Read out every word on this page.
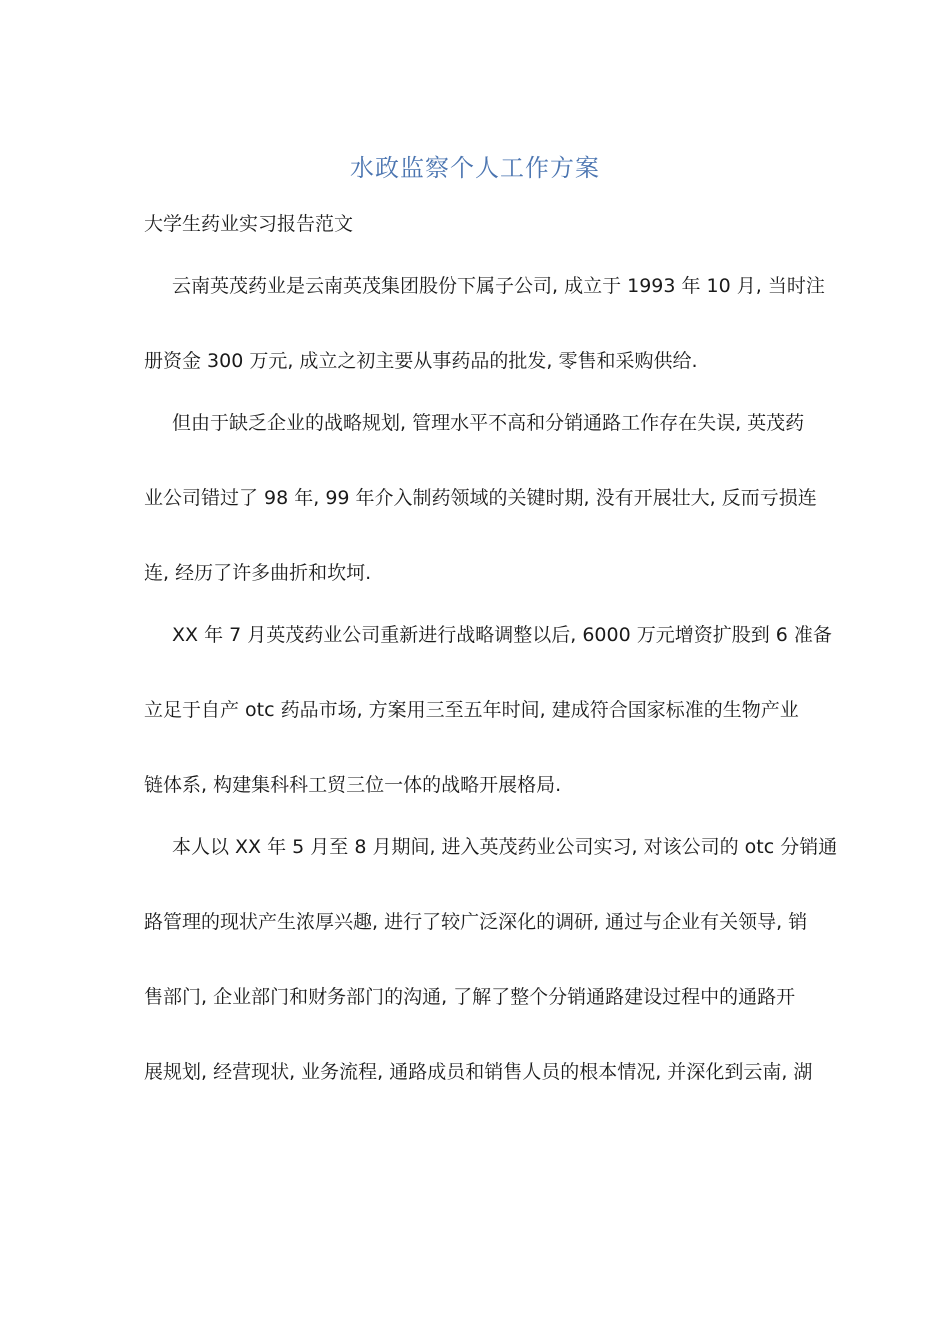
水政监察个人工作方案
大学生药业实习报告范文
云南英茂药业是云南英茂集团股份下属子公司, 成立于 1993 年 10 月, 当时注
册资金 300 万元, 成立之初主要从事药品的批发, 零售和采购供给.
但由于缺乏企业的战略规划, 管理水平不高和分销通路工作存在失误, 英茂药
业公司错过了 98 年, 99 年介入制药领域的关键时期, 没有开展壮大, 反而亏损连
连, 经历了许多曲折和坎坷.
XX 年 7 月英茂药业公司重新进行战略调整以后, 6000 万元增资扩股到 6 准备
立足于自产 otc 药品市场, 方案用三至五年时间, 建成符合国家标准的生物产业
链体系, 构建集科科工贸三位一体的战略开展格局.
本人以 XX 年 5 月至 8 月期间, 进入英茂药业公司实习, 对该公司的 otc 分销通
路管理的现状产生浓厚兴趣, 进行了较广泛深化的调研, 通过与企业有关领导, 销
售部门, 企业部门和财务部门的沟通, 了解了整个分销通路建设过程中的通路开
展规划, 经营现状, 业务流程, 通路成员和销售人员的根本情况, 并深化到云南, 湖
